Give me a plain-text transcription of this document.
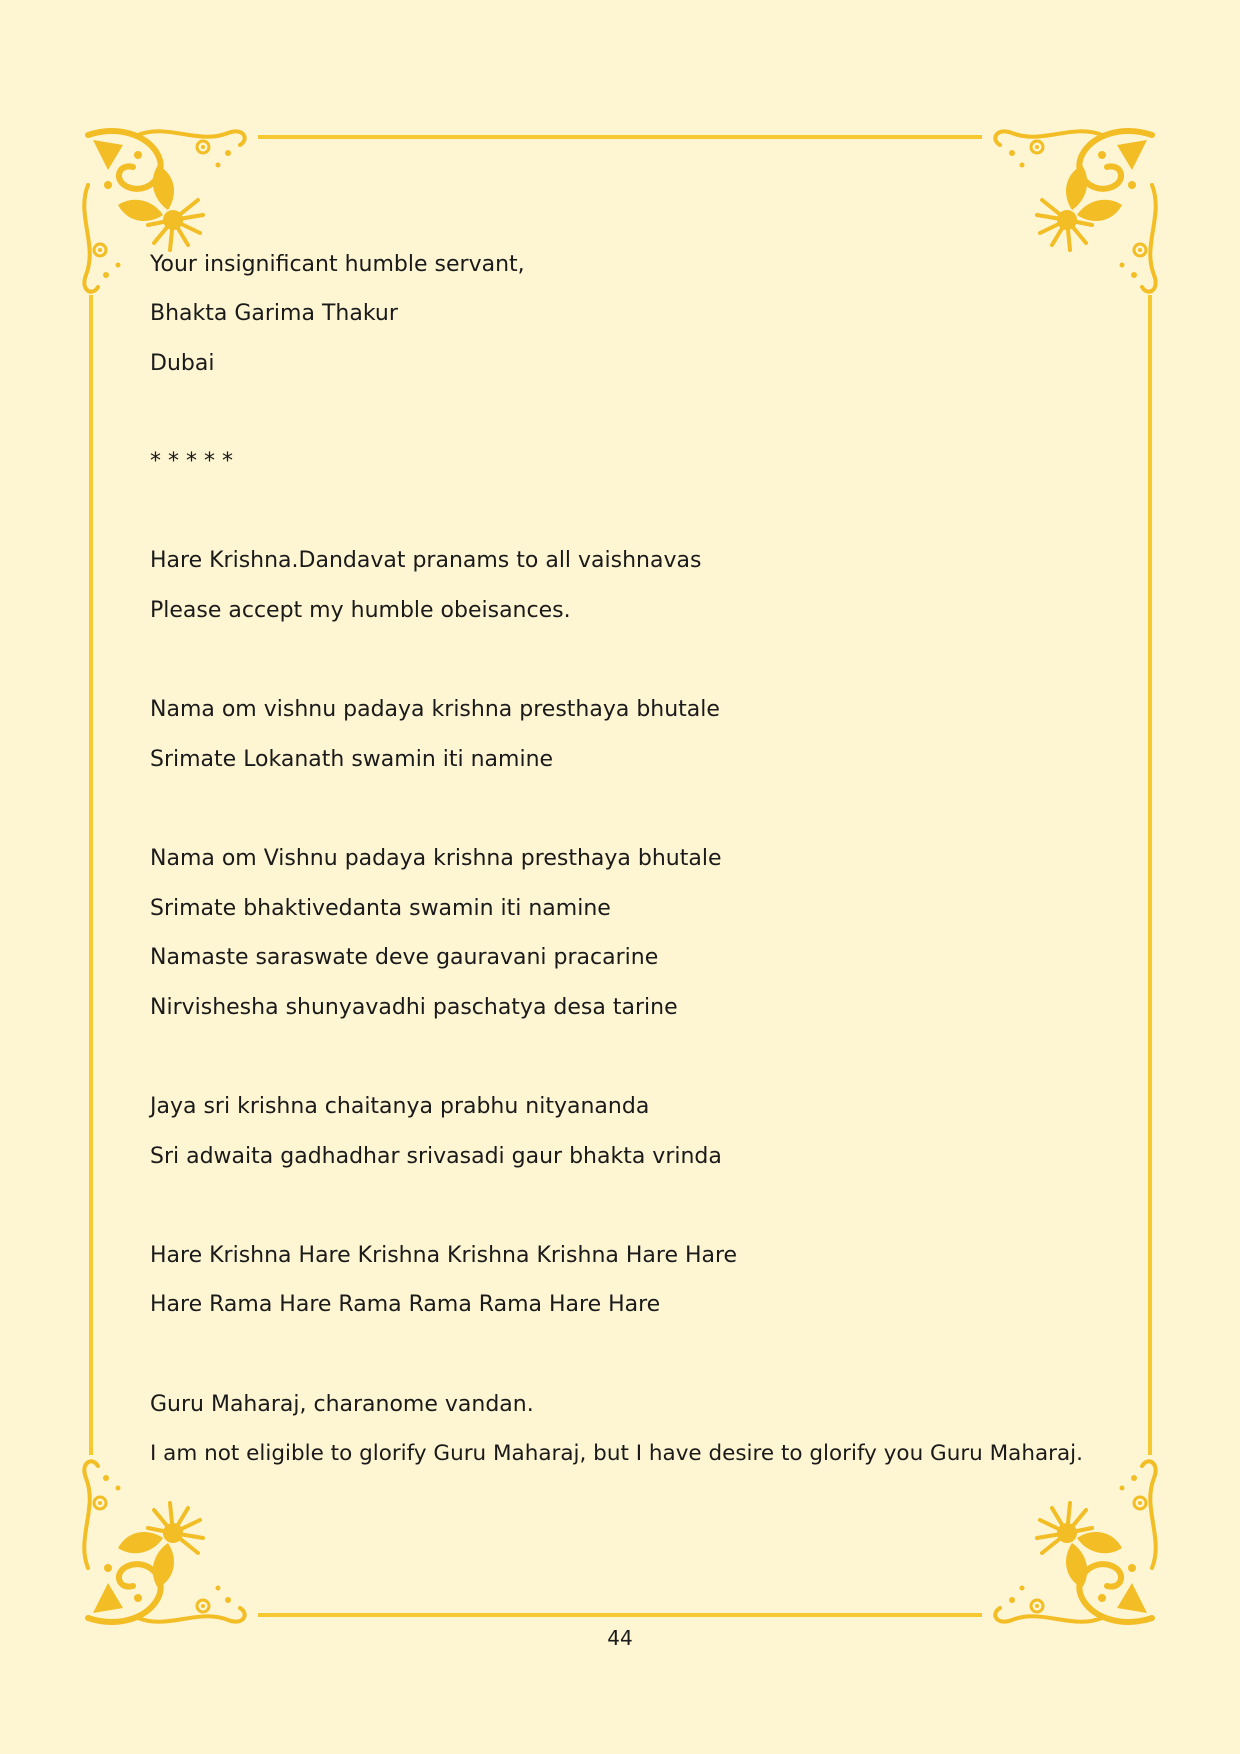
Your insignificant humble servant,
Bhakta Garima Thakur
Dubai
* * * * *
Hare Krishna.Dandavat pranams to all vaishnavas
Please accept my humble obeisances.
Nama om vishnu padaya krishna presthaya bhutale
Srimate Lokanath swamin iti namine
Nama om Vishnu padaya krishna presthaya bhutale
Srimate bhaktivedanta swamin iti namine
Namaste saraswate deve gauravani pracarine
Nirvishesha shunyavadhi paschatya desa tarine
Jaya sri krishna chaitanya prabhu nityananda
Sri adwaita gadhadhar srivasadi gaur bhakta vrinda
Hare Krishna Hare Krishna Krishna Krishna Hare Hare
Hare Rama Hare Rama Rama Rama Hare Hare
Guru Maharaj, charanome vandan.
I am not eligible to glorify Guru Maharaj, but I have desire to glorify you Guru Maharaj.
44
